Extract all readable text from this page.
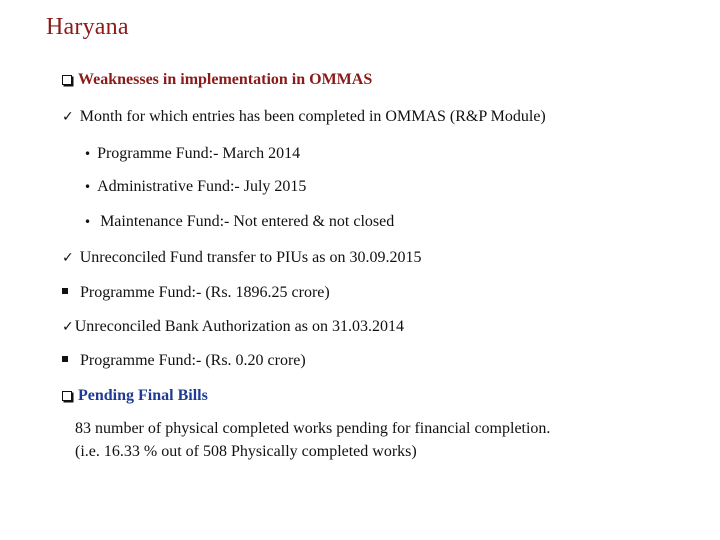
Haryana
Weaknesses in implementation in OMMAS
✓ Month for which entries has been completed in OMMAS (R&P Module)
• Programme Fund:- March 2014
• Administrative Fund:- July 2015
• Maintenance Fund:- Not entered & not closed
✓ Unreconciled Fund transfer to PIUs as on 30.09.2015
Programme Fund:- (Rs. 1896.25 crore)
✓Unreconciled Bank Authorization as on 31.03.2014
Programme Fund:- (Rs. 0.20 crore)
Pending Final Bills
83 number of physical completed works pending for financial completion.
(i.e. 16.33 % out of 508 Physically completed works)
